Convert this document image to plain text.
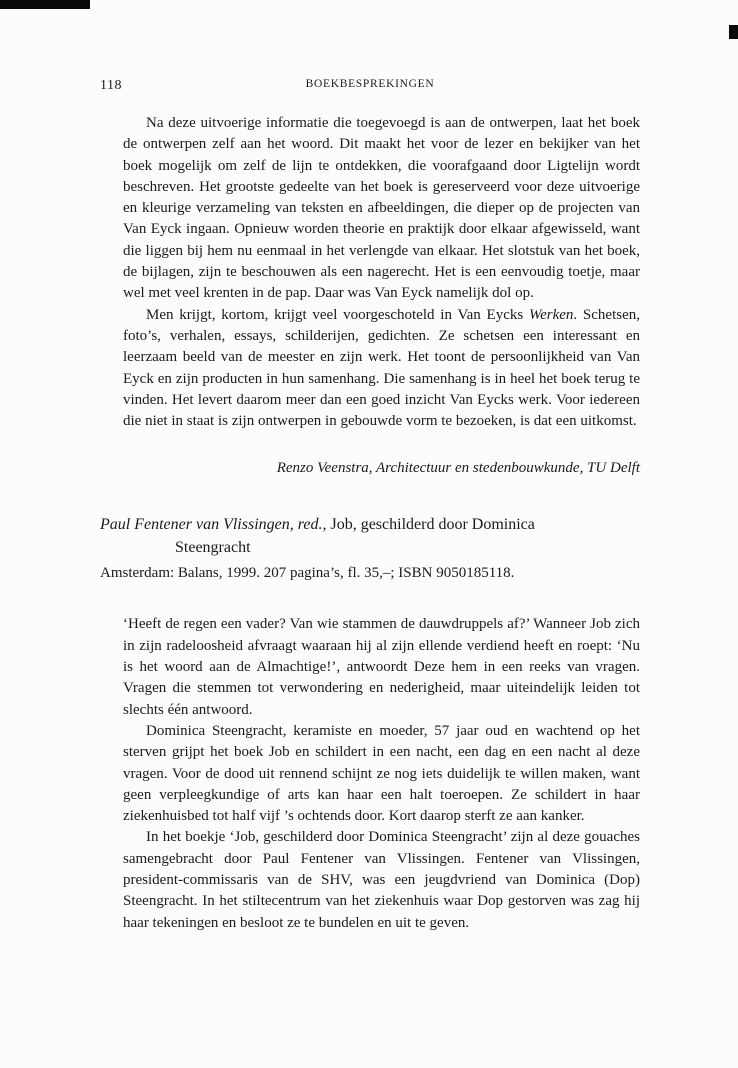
118	BOEKBESPREKINGEN

Na deze uitvoerige informatie die toegevoegd is aan de ontwerpen, laat het boek de ontwerpen zelf aan het woord. Dit maakt het voor de lezer en bekijker van het boek mogelijk om zelf de lijn te ontdekken, die voorafgaand door Ligtelijn wordt beschreven. Het grootste gedeelte van het boek is gereserveerd voor deze uitvoerige en kleurige verzameling van teksten en afbeeldingen, die dieper op de projecten van Van Eyck ingaan. Opnieuw worden theorie en praktijk door elkaar afgewisseld, want die liggen bij hem nu eenmaal in het verlengde van elkaar. Het slotstuk van het boek, de bijlagen, zijn te beschouwen als een nagerecht. Het is een eenvoudig toetje, maar wel met veel krenten in de pap. Daar was Van Eyck namelijk dol op.

Men krijgt, kortom, krijgt veel voorgeschoteld in Van Eycks Werken. Schetsen, foto’s, verhalen, essays, schilderijen, gedichten. Ze schetsen een interessant en leerzaam beeld van de meester en zijn werk. Het toont de persoonlijkheid van Van Eyck en zijn producten in hun samenhang. Die samenhang is in heel het boek terug te vinden. Het levert daarom meer dan een goed inzicht Van Eycks werk. Voor iedereen die niet in staat is zijn ontwerpen in gebouwde vorm te bezoeken, is dat een uitkomst.

Renzo Veenstra, Architectuur en stedenbouwkunde, TU Delft

Paul Fentener van Vlissingen, red., Job, geschilderd door Dominica
Steengracht

Amsterdam: Balans, 1999. 207 pagina’s, fl. 35,–; ISBN 9050185118.

‘Heeft de regen een vader? Van wie stammen de dauwdruppels af?’ Wanneer Job zich in zijn radeloosheid afvraagt waaraan hij al zijn ellende verdiend heeft en roept: ‘Nu is het woord aan de Almachtige!’, antwoordt Deze hem in een reeks van vragen. Vragen die stemmen tot verwondering en nederigheid, maar uiteindelijk leiden tot slechts één antwoord.

Dominica Steengracht, keramiste en moeder, 57 jaar oud en wachtend op het sterven grijpt het boek Job en schildert in een nacht, een dag en een nacht al deze vragen. Voor de dood uit rennend schijnt ze nog iets duidelijk te willen maken, want geen verpleegkundige of arts kan haar een halt toeroepen. Ze schildert in haar ziekenhuisbed tot half vijf ’s ochtends door. Kort daarop sterft ze aan kanker.

In het boekje ‘Job, geschilderd door Dominica Steengracht’ zijn al deze gouaches samengebracht door Paul Fentener van Vlissingen. Fentener van Vlissingen, president-commissaris van de SHV, was een jeugdvriend van Dominica (Dop) Steengracht. In het stiltecentrum van het ziekenhuis waar Dop gestorven was zag hij haar tekeningen en besloot ze te bundelen en uit te geven.
